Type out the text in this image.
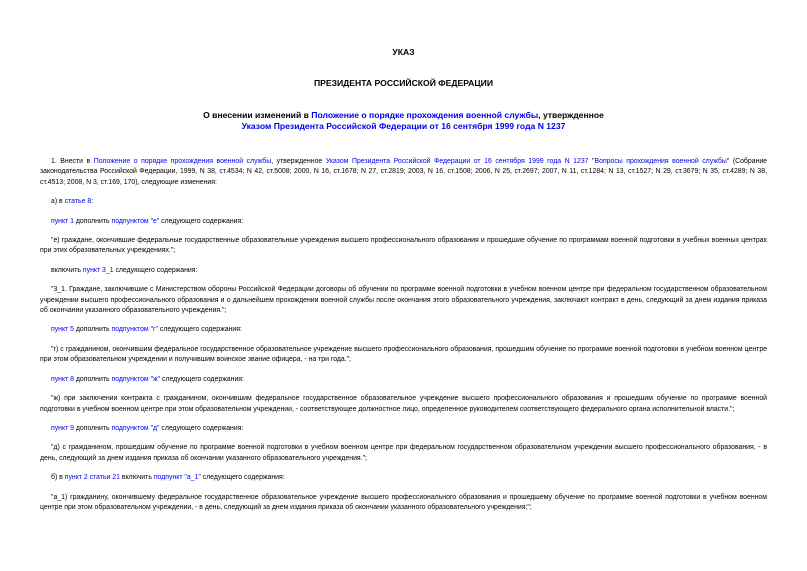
УКАЗ
ПРЕЗИДЕНТА РОССИЙСКОЙ ФЕДЕРАЦИИ
О внесении изменений в Положение о порядке прохождения военной службы, утвержденное
Указом Президента Российской Федерации от 16 сентября 1999 года N 1237

1. Внести в Положение о порядке прохождения военной службы, утвержденное Указом Президента Российской Федерации от 16 сентября 1999 года N 1237 "Вопросы прохождения военной службы" (Собрание законодательства Российской Федерации, 1999, N 38, ст.4534; N 42, ст.5008; 2000, N 16, ст.1678; N 27, ст.2819; 2003, N 16, ст.1508; 2006, N 25, ст.2697; 2007, N 11, ст.1284; N 13, ст.1527; N 29, ст.3679; N 35, ст.4289; N 38, ст.4513; 2008, N 3, ст.169, 170), следующие изменения:

а) в статье 8:

пункт 1 дополнить подпунктом "е" следующего содержания:

"е) граждане, окончившие федеральные государственные образовательные учреждения высшего профессионального образования и прошедшие обучение по программам военной подготовки в учебных военных центрах при этих образовательных учреждениях.";

включить пункт 3_1 следующего содержания:

"3_1. Граждане, заключившие с Министерством обороны Российской Федерации договоры об обучении по программе военной подготовки в учебном военном центре при федеральном государственном образовательном учреждении высшего профессионального образования и о дальнейшем прохождении военной службы после окончания этого образовательного учреждения, заключают контракт в день, следующий за днем издания приказа об окончании указанного образовательного учреждения.";

пункт 5 дополнить подпунктом "г" следующего содержания:

"г) с гражданином, окончившим федеральное государственное образовательное учреждение высшего профессионального образования, прошедшим обучение по программе военной подготовки в учебном военном центре при этом образовательном учреждении и получившим воинское звание офицера, - на три года.";

пункт 8 дополнить подпунктом "ж" следующего содержания:

"ж) при заключении контракта с гражданином, окончившим федеральное государственное образовательное учреждение высшего профессионального образования и прошедшим обучение по программе военной подготовки в учебном военном центре при этом образовательном учреждении, - соответствующее должностное лицо, определенное руководителем соответствующего федерального органа исполнительной власти.";

пункт 9 дополнить подпунктом "д" следующего содержания:

"д) с гражданином, прошедшим обучение по программе военной подготовки в учебном военном центре при федеральном государственном образовательном учреждении высшего профессионального образования, - в день, следующий за днем издания приказа об окончании указанного образовательного учреждения.";

б) в пункт 2 статьи 21 включить подпункт "а_1" следующего содержания:

"а_1) гражданину, окончившему федеральное государственное образовательное учреждение высшего профессионального образования и прошедшему обучение по программе военной подготовки в учебном военном центре при этом образовательном учреждении, - в день, следующий за днем издания приказа об окончании указанного образовательного учреждения;";
